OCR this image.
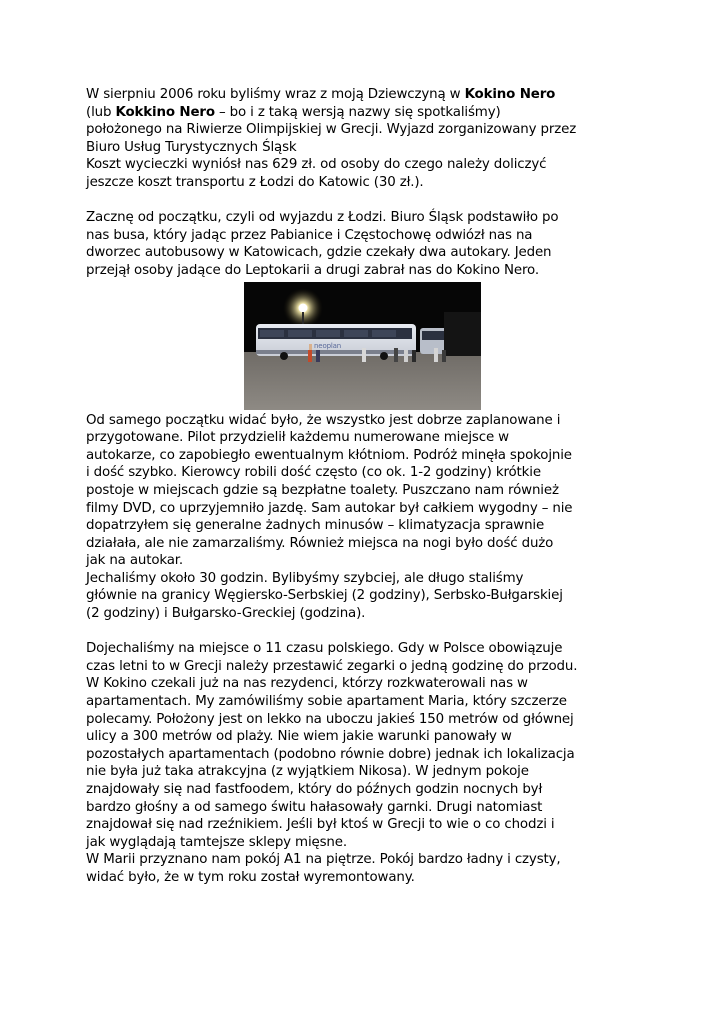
W sierpniu 2006 roku byliśmy wraz z moją Dziewczyną w Kokino Nero
(lub Kokkino Nero – bo i z taką wersją nazwy się spotkaliśmy)
położonego na Riwierze Olimpijskiej w Grecji. Wyjazd zorganizowany przez
Biuro Usług Turystycznych Śląsk
Koszt wycieczki wyniósł nas 629 zł. od osoby do czego należy doliczyć
jeszcze koszt transportu z Łodzi do Katowic (30 zł.).

Zacznę od początku, czyli od wyjazdu z Łodzi. Biuro Śląsk podstawiło po
nas busa, który jadąc przez Pabianice i Częstochowę odwiózł nas na
dworzec autobusowy w Katowicach, gdzie czekały dwa autokary. Jeden
przejął osoby jadące do Leptokarii a drugi zabrał nas do Kokino Nero.

neoplan

Od samego początku widać było, że wszystko jest dobrze zaplanowane i
przygotowane. Pilot przydzielił każdemu numerowane miejsce w
autokarze, co zapobiegło ewentualnym kłótniom. Podróż minęła spokojnie
i dość szybko. Kierowcy robili dość często (co ok. 1-2 godziny) krótkie
postoje w miejscach gdzie są bezpłatne toalety. Puszczano nam również
filmy DVD, co uprzyjemniło jazdę. Sam autokar był całkiem wygodny – nie
dopatrzyłem się generalne żadnych minusów – klimatyzacja sprawnie
działała, ale nie zamarzaliśmy. Również miejsca na nogi było dość dużo
jak na autokar.
Jechaliśmy około 30 godzin. Bylibyśmy szybciej, ale długo staliśmy
głównie na granicy Węgiersko-Serbskiej (2 godziny), Serbsko-Bułgarskiej
(2 godziny) i Bułgarsko-Greckiej (godzina).

Dojechaliśmy na miejsce o 11 czasu polskiego. Gdy w Polsce obowiązuje
czas letni to w Grecji należy przestawić zegarki o jedną godzinę do przodu.
W Kokino czekali już na nas rezydenci, którzy rozkwaterowali nas w
apartamentach. My zamówiliśmy sobie apartament Maria, który szczerze
polecamy. Położony jest on lekko na uboczu jakieś 150 metrów od głównej
ulicy a 300 metrów od plaży. Nie wiem jakie warunki panowały w
pozostałych apartamentach (podobno równie dobre) jednak ich lokalizacja
nie była już taka atrakcyjna (z wyjątkiem Nikosa). W jednym pokoje
znajdowały się nad fastfoodem, który do późnych godzin nocnych był
bardzo głośny a od samego świtu hałasowały garnki. Drugi natomiast
znajdował się nad rzeźnikiem. Jeśli był ktoś w Grecji to wie o co chodzi i
jak wyglądają tamtejsze sklepy mięsne.
W Marii przyznano nam pokój A1 na piętrze. Pokój bardzo ładny i czysty,
widać było, że w tym roku został wyremontowany.
